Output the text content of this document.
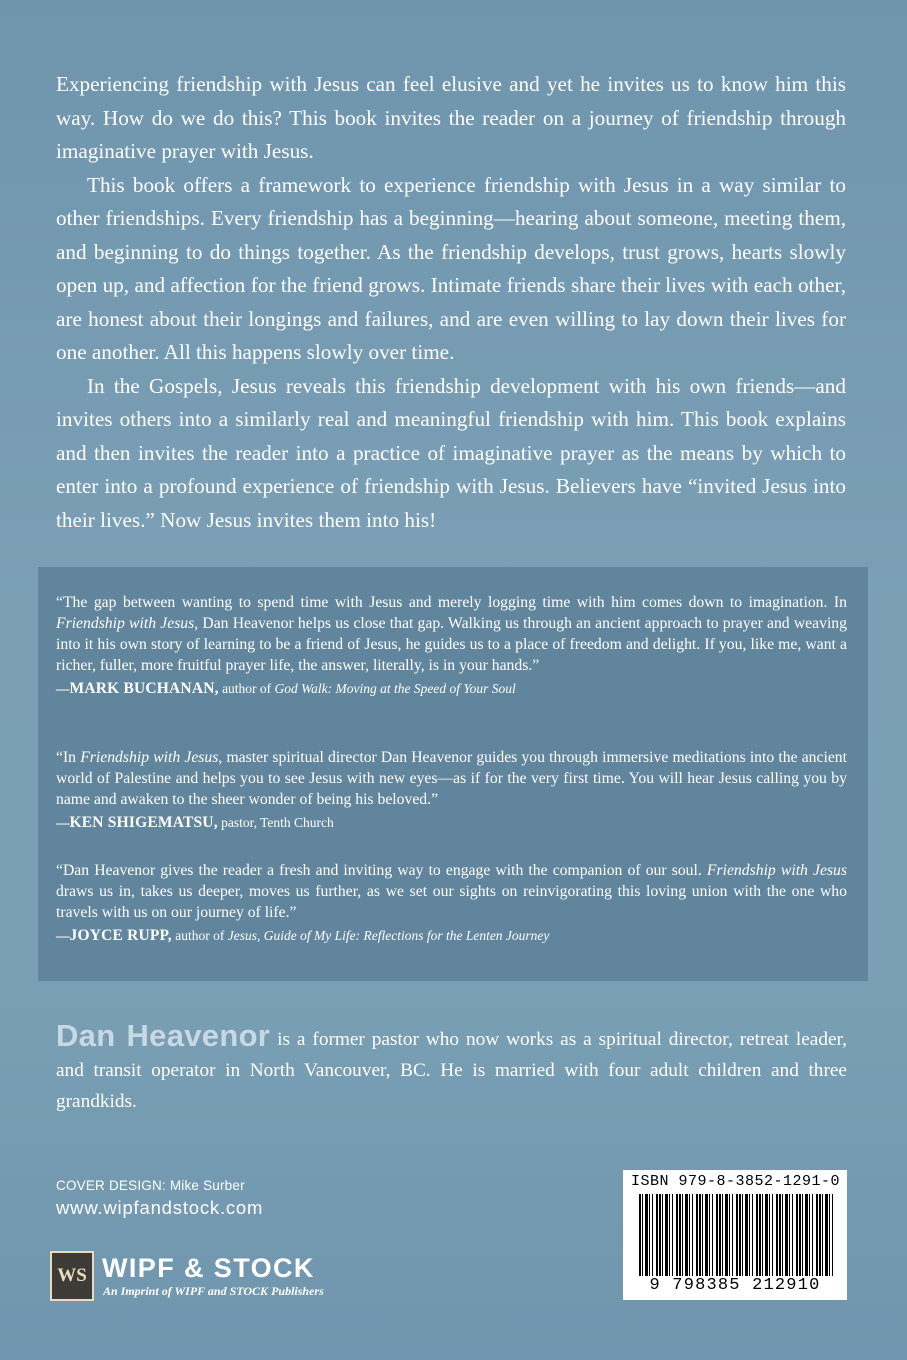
Experiencing friendship with Jesus can feel elusive and yet he invites us to know him this way. How do we do this? This book invites the reader on a journey of friendship through imaginative prayer with Jesus.

This book offers a framework to experience friendship with Jesus in a way similar to other friendships. Every friendship has a beginning—hearing about someone, meeting them, and beginning to do things together. As the friendship develops, trust grows, hearts slowly open up, and affection for the friend grows. Intimate friends share their lives with each other, are honest about their longings and failures, and are even willing to lay down their lives for one another. All this happens slowly over time.

In the Gospels, Jesus reveals this friendship development with his own friends—and invites others into a similarly real and meaningful friendship with him. This book explains and then invites the reader into a practice of imaginative prayer as the means by which to enter into a profound experience of friendship with Jesus. Believers have “invited Jesus into their lives.” Now Jesus invites them into his!

“The gap between wanting to spend time with Jesus and merely logging time with him comes down to imagination. In Friendship with Jesus, Dan Heavenor helps us close that gap. Walking us through an ancient approach to prayer and weaving into it his own story of learning to be a friend of Jesus, he guides us to a place of freedom and delight. If you, like me, want a richer, fuller, more fruitful prayer life, the answer, literally, is in your hands.”

—MARK BUCHANAN, author of God Walk: Moving at the Speed of Your Soul

“In Friendship with Jesus, master spiritual director Dan Heavenor guides you through immersive meditations into the ancient world of Palestine and helps you to see Jesus with new eyes—as if for the very first time. You will hear Jesus calling you by name and awaken to the sheer wonder of being his beloved.”

—KEN SHIGEMATSU, pastor, Tenth Church

“Dan Heavenor gives the reader a fresh and inviting way to engage with the companion of our soul. Friendship with Jesus draws us in, takes us deeper, moves us further, as we set our sights on reinvigorating this loving union with the one who travels with us on our journey of life.”

—JOYCE RUPP, author of Jesus, Guide of My Life: Reflections for the Lenten Journey

Dan Heavenor is a former pastor who now works as a spiritual director, retreat leader, and transit operator in North Vancouver, BC. He is married with four adult children and three grandkids.

COVER DESIGN: Mike Surber
www.wipfandstock.com
WS WIPF & STOCK
An Imprint of WIPF and STOCK Publishers
ISBN 979-8-3852-1291-0
9 798385 212910
